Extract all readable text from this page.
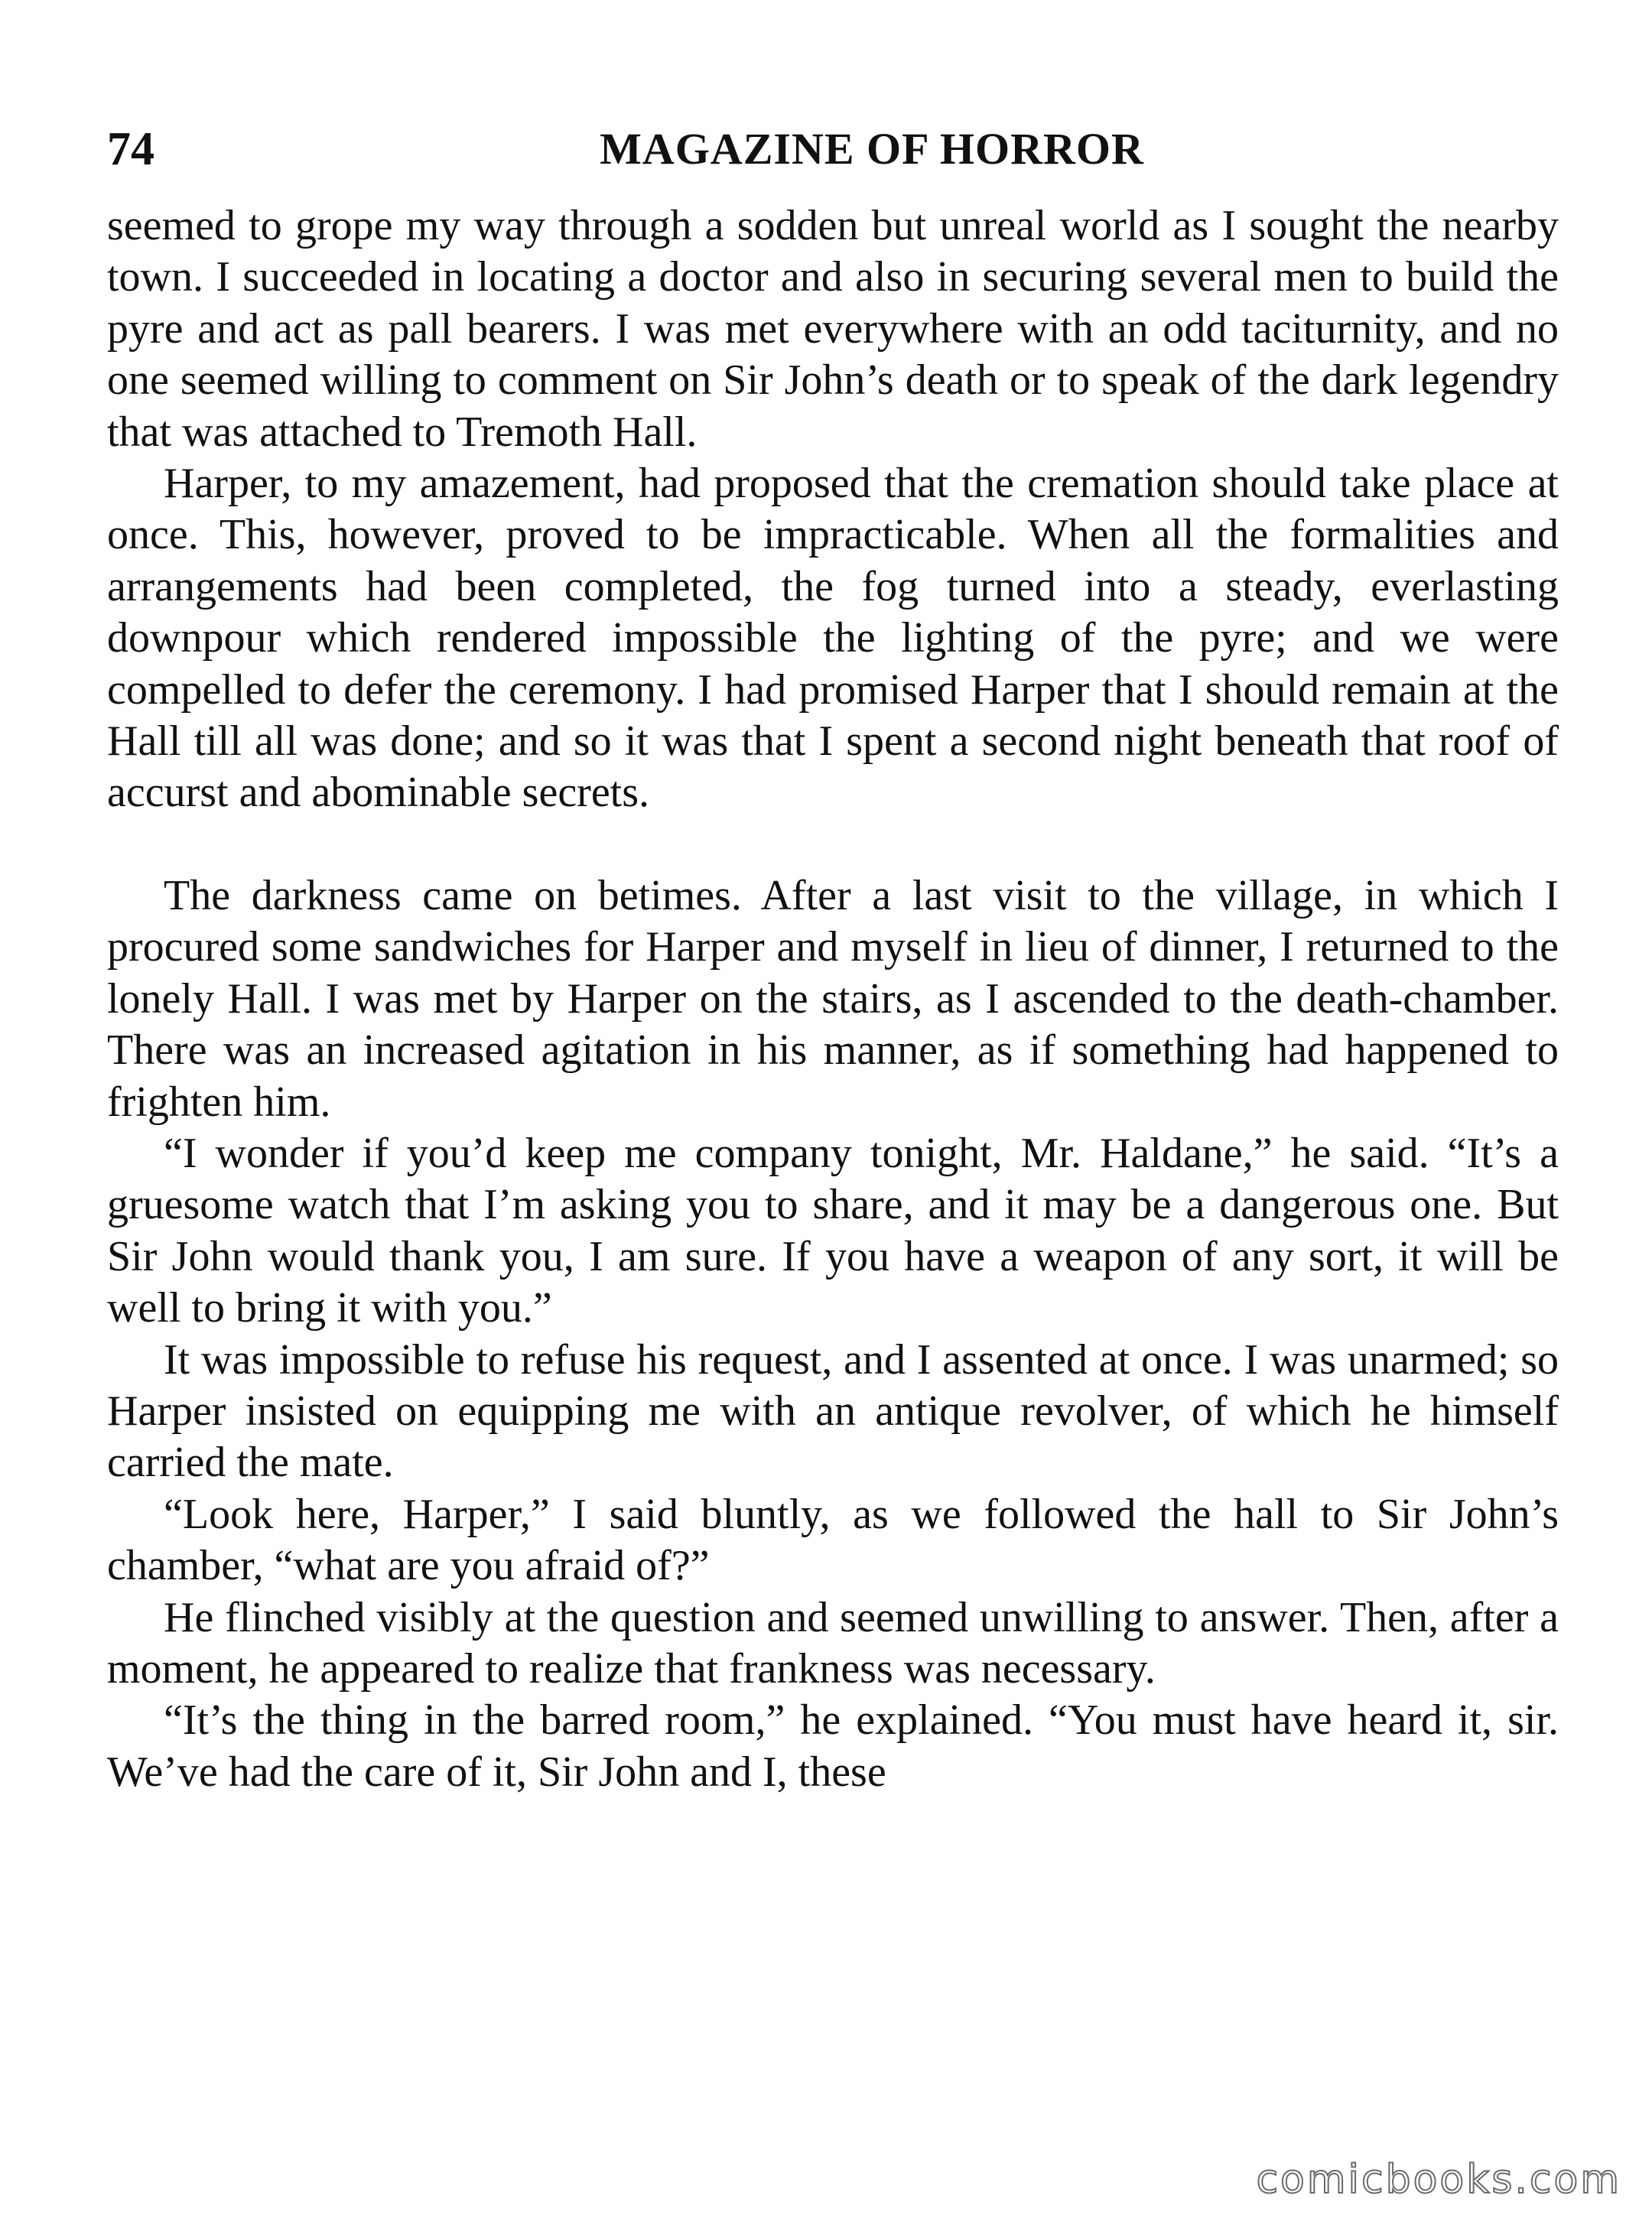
74	MAGAZINE OF HORROR

seemed to grope my way through a sodden but unreal world as I sought the nearby town. I succeeded in locating a doctor and also in securing several men to build the pyre and act as pall bearers. I was met everywhere with an odd taciturnity, and no one seemed willing to comment on Sir John’s death or to speak of the dark legendry that was attached to Tremoth Hall.

Harper, to my amazement, had proposed that the cremation should take place at once. This, however, proved to be impracticable. When all the formalities and arrangements had been completed, the fog turned into a steady, everlasting downpour which rendered impossible the lighting of the pyre; and we were compelled to defer the ceremony. I had promised Harper that I should remain at the Hall till all was done; and so it was that I spent a second night beneath that roof of accurst and abominable secrets.

The darkness came on betimes. After a last visit to the village, in which I procured some sandwiches for Harper and myself in lieu of dinner, I returned to the lonely Hall. I was met by Harper on the stairs, as I ascended to the death-chamber. There was an increased agitation in his manner, as if something had happened to frighten him.

“I wonder if you’d keep me company tonight, Mr. Haldane,” he said. “It’s a gruesome watch that I’m asking you to share, and it may be a dangerous one. But Sir John would thank you, I am sure. If you have a weapon of any sort, it will be well to bring it with you.”

It was impossible to refuse his request, and I assented at once. I was unarmed; so Harper insisted on equipping me with an antique revolver, of which he himself carried the mate.

“Look here, Harper,” I said bluntly, as we followed the hall to Sir John’s chamber, “what are you afraid of?”

He flinched visibly at the question and seemed unwilling to answer. Then, after a moment, he appeared to realize that frankness was necessary.

“It’s the thing in the barred room,” he explained. “You must have heard it, sir. We’ve had the care of it, Sir John and I, these

comicbooks.com
